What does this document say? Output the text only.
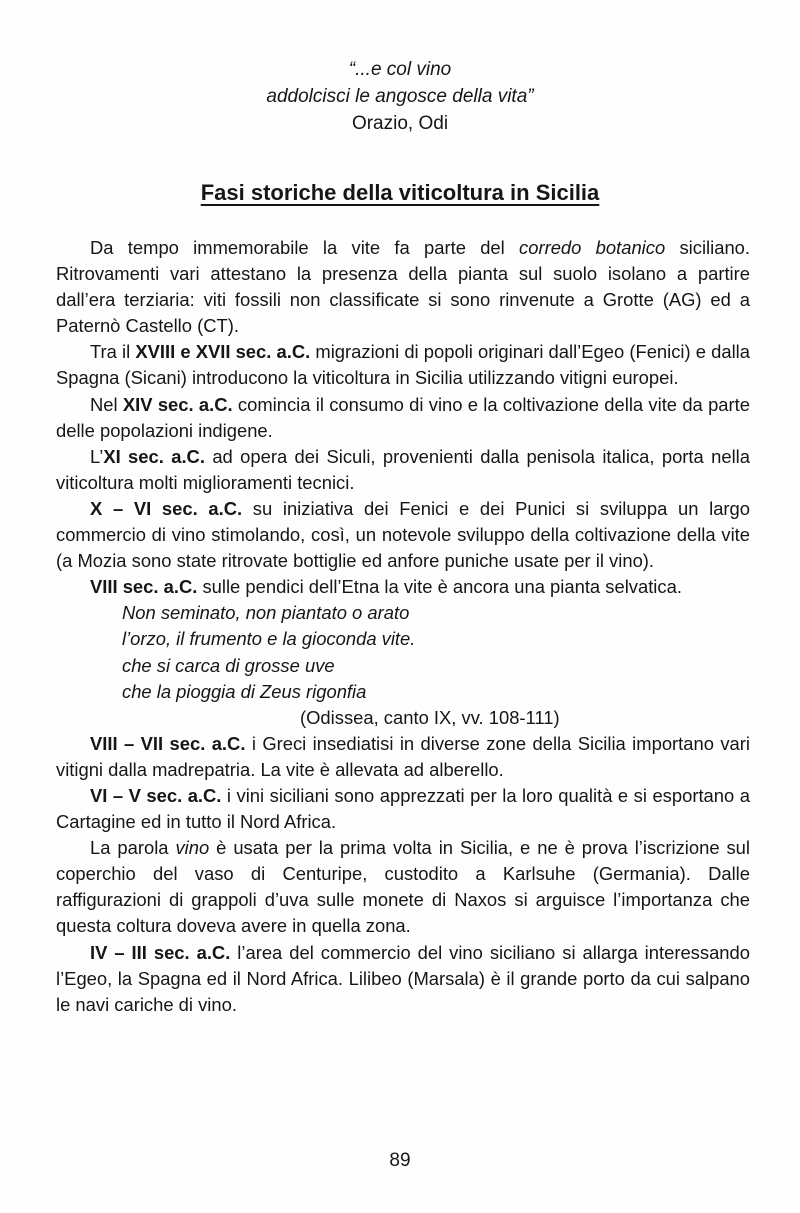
“...e col vino
addolcisci le angosce della vita”
Orazio, Odi
Fasi storiche della viticoltura in Sicilia

Da tempo immemorabile la vite fa parte del corredo botanico siciliano. Ritrovamenti vari attestano la presenza della pianta sul suolo isolano a partire dall’era terziaria: viti fossili non classificate si sono rinvenute a Grotte (AG) ed a Paternò Castello (CT).

Tra il XVIII e XVII sec. a.C. migrazioni di popoli originari dall’Egeo (Fenici) e dalla Spagna (Sicani) introducono la viticoltura in Sicilia utilizzando vitigni europei.

Nel XIV sec. a.C. comincia il consumo di vino e la coltivazione della vite da parte delle popolazioni indigene.

L’XI sec. a.C. ad opera dei Siculi, provenienti dalla penisola italica, porta nella viticoltura molti miglioramenti tecnici.

X – VI sec. a.C. su iniziativa dei Fenici e dei Punici si sviluppa un largo commercio di vino stimolando, così, un notevole sviluppo della coltivazione della vite (a Mozia sono state ritrovate bottiglie ed anfore puniche usate per il vino).

VIII sec. a.C. sulle pendici dell’Etna la vite è ancora una pianta selvatica.

Non seminato, non piantato o arato
l’orzo, il frumento e la gioconda vite.
che si carca di grosse uve
che la pioggia di Zeus rigonfia
(Odissea, canto IX, vv. 108-111)

VIII – VII sec. a.C. i Greci insediatisi in diverse zone della Sicilia importano vari vitigni dalla madrepatria. La vite è allevata ad alberello.

VI – V sec. a.C. i vini siciliani sono apprezzati per la loro qualità e si esportano a Cartagine ed in tutto il Nord Africa.

La parola vino è usata per la prima volta in Sicilia, e ne è prova l’iscrizione sul coperchio del vaso di Centuripe, custodito a Karlsuhe (Germania). Dalle raffigurazioni di grappoli d’uva sulle monete di Naxos si arguisce l’importanza che questa coltura doveva avere in quella zona.

IV – III sec. a.C. l’area del commercio del vino siciliano si allarga interessando l’Egeo, la Spagna ed il Nord Africa. Lilibeo (Marsala) è il grande porto da cui salpano le navi cariche di vino.

89
